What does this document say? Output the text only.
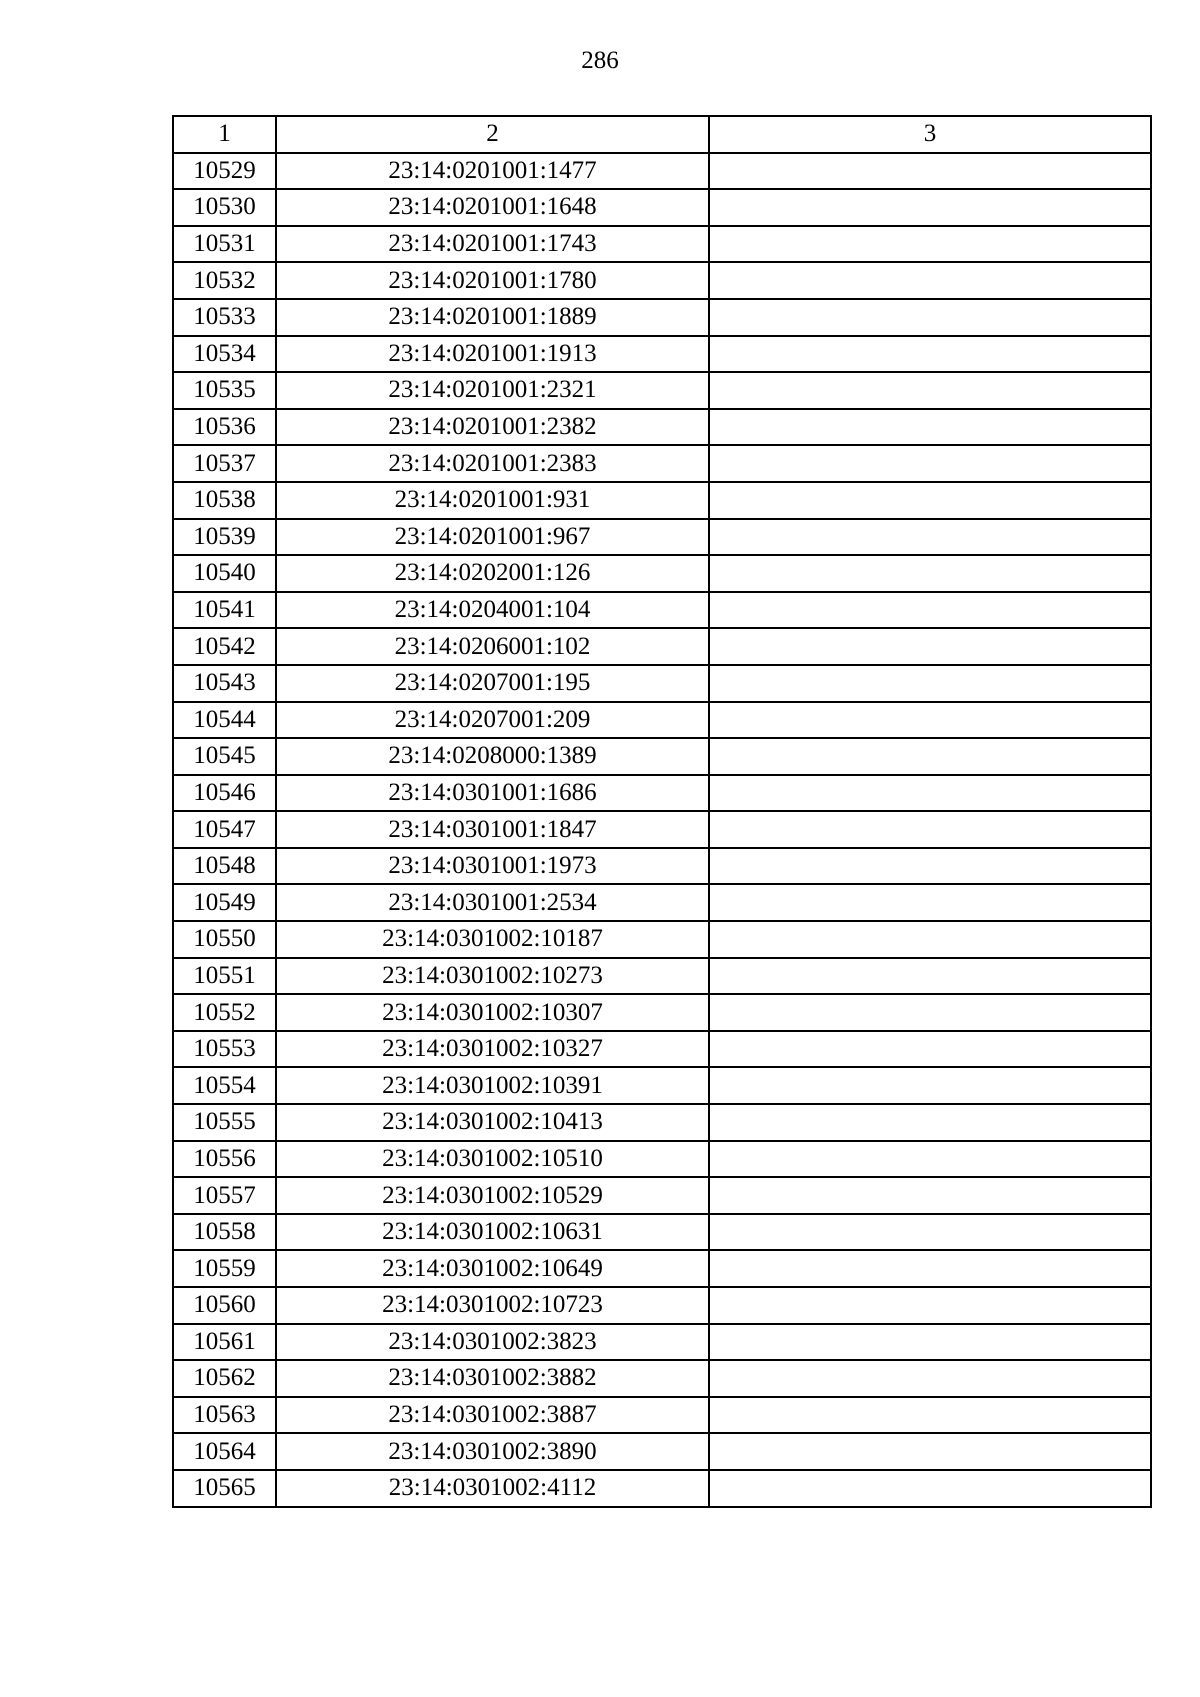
286
1	2	3
10529	23:14:0201001:1477	
10530	23:14:0201001:1648	
10531	23:14:0201001:1743	
10532	23:14:0201001:1780	
10533	23:14:0201001:1889	
10534	23:14:0201001:1913	
10535	23:14:0201001:2321	
10536	23:14:0201001:2382	
10537	23:14:0201001:2383	
10538	23:14:0201001:931	
10539	23:14:0201001:967	
10540	23:14:0202001:126	
10541	23:14:0204001:104	
10542	23:14:0206001:102	
10543	23:14:0207001:195	
10544	23:14:0207001:209	
10545	23:14:0208000:1389	
10546	23:14:0301001:1686	
10547	23:14:0301001:1847	
10548	23:14:0301001:1973	
10549	23:14:0301001:2534	
10550	23:14:0301002:10187	
10551	23:14:0301002:10273	
10552	23:14:0301002:10307	
10553	23:14:0301002:10327	
10554	23:14:0301002:10391	
10555	23:14:0301002:10413	
10556	23:14:0301002:10510	
10557	23:14:0301002:10529	
10558	23:14:0301002:10631	
10559	23:14:0301002:10649	
10560	23:14:0301002:10723	
10561	23:14:0301002:3823	
10562	23:14:0301002:3882	
10563	23:14:0301002:3887	
10564	23:14:0301002:3890	
10565	23:14:0301002:4112	
